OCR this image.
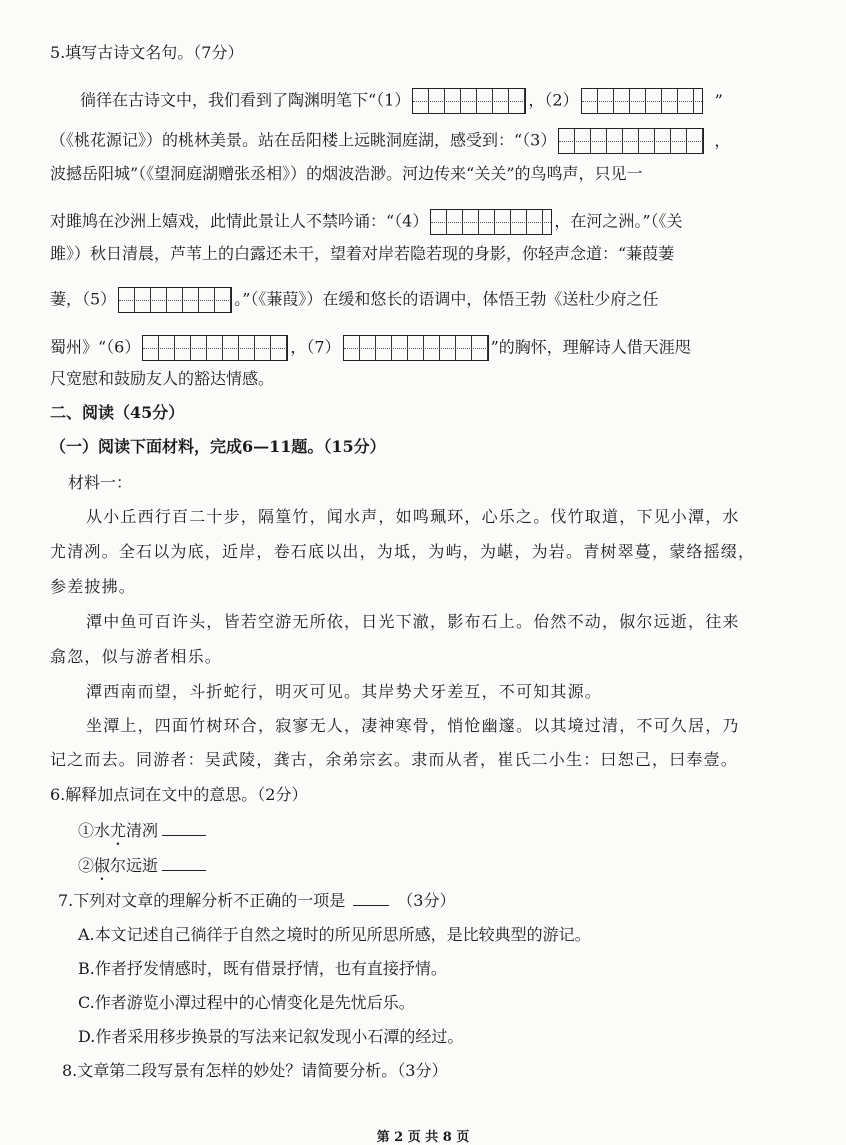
5.填写古诗文名句。（7分）
徜徉在古诗文中，我们看到了陶渊明笔下“（1）	，（2）	”
（《桃花源记》）的桃林美景。站在岳阳楼上远眺洞庭湖，感受到：“（3）	，
波撼岳阳城”（《望洞庭湖赠张丞相》）的烟波浩渺。河边传来“关关”的鸟鸣声，只见一
对雎鸠在沙洲上嬉戏，此情此景让人不禁吟诵：“（4）	，在河之洲。”（《关
雎》）秋日清晨，芦苇上的白露还未干，望着对岸若隐若现的身影，你轻声念道：“蒹葭萋
萋，（5）	。”（《蒹葭》）在缓和悠长的语调中，体悟王勃《送杜少府之任
蜀州》“（6）	，（7）	”的胸怀，理解诗人借天涯咫
尺宽慰和鼓励友人的豁达情感。
二、阅读（45分）
（一）阅读下面材料，完成6—11题。（15分）
材料一：
从小丘西行百二十步，隔篁竹，闻水声，如鸣珮环，心乐之。伐竹取道，下见小潭，水
尤清冽。全石以为底，近岸，卷石底以出，为坻，为屿，为嵁，为岩。青树翠蔓，蒙络摇缀，
参差披拂。
潭中鱼可百许头，皆若空游无所依，日光下澈，影布石上。佁然不动，俶尔远逝，往来
翕忽，似与游者相乐。
潭西南而望，斗折蛇行，明灭可见。其岸势犬牙差互，不可知其源。
坐潭上，四面竹树环合，寂寥无人，凄神寒骨，悄怆幽邃。以其境过清，不可久居，乃
记之而去。同游者：吴武陵，龚古，余弟宗玄。隶而从者，崔氏二小生：曰恕己，曰奉壹。
6.解释加点词在文中的意思。（2分）
①水尤清冽
②俶尔远逝
7.下列对文章的理解分析不正确的一项是	（3分）
A.本文记述自己徜徉于自然之境时的所见所思所感，是比较典型的游记。
B.作者抒发情感时，既有借景抒情，也有直接抒情。
C.作者游览小潭过程中的心情变化是先忧后乐。
D.作者采用移步换景的写法来记叙发现小石潭的经过。
8.文章第二段写景有怎样的妙处？请简要分析。（3分）
第 2 页 共 8 页
